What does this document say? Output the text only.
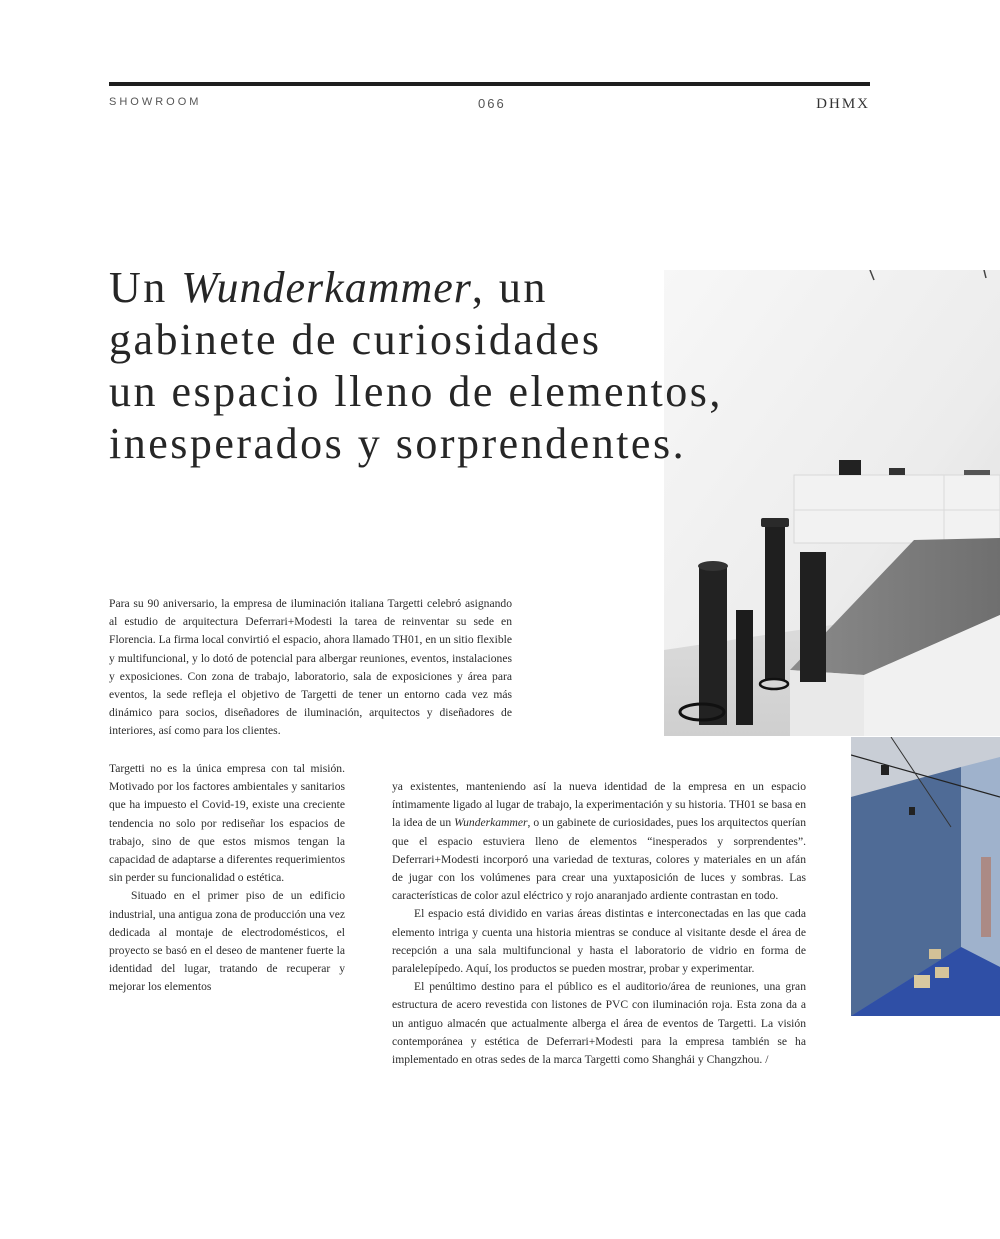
SHOWROOM	066	DHMX
Un Wunderkammer, un
gabinete de curiosidades
un espacio lleno de elementos,
inesperados y sorprendentes.

Para su 90 aniversario, la empresa de iluminación italiana Targetti celebró asignando al estudio de arquitectura Deferrari+Modesti la tarea de reinventar su sede en Florencia. La firma local convirtió el espacio, ahora llamado TH01, en un sitio flexible y multifuncional, y lo dotó de potencial para albergar reuniones, eventos, instalaciones y exposiciones. Con zona de trabajo, laboratorio, sala de exposiciones y área para eventos, la sede refleja el objetivo de Targetti de tener un entorno cada vez más dinámico para socios, diseñadores de iluminación, arquitectos y diseñadores de interiores, así como para los clientes.

Targetti no es la única empresa con tal misión. Motivado por los factores ambientales y sanitarios que ha impuesto el Covid-19, existe una creciente tendencia no solo por rediseñar los espacios de trabajo, sino de que estos mismos tengan la capacidad de adaptarse a diferentes requerimientos sin perder su funcionalidad o estética.

Situado en el primer piso de un edificio industrial, una antigua zona de producción una vez dedicada al montaje de electrodomésticos, el proyecto se basó en el deseo de mantener fuerte la identidad del lugar, tratando de recuperar y mejorar los elementos

ya existentes, manteniendo así la nueva identidad de la empresa en un espacio íntimamente ligado al lugar de trabajo, la experimentación y su historia. TH01 se basa en la idea de un Wunderkammer, o un gabinete de curiosidades, pues los arquitectos querían que el espacio estuviera lleno de elementos “inesperados y sorprendentes”. Deferrari+Modesti incorporó una variedad de texturas, colores y materiales en un afán de jugar con los volúmenes para crear una yuxtaposición de luces y sombras. Las características de color azul eléctrico y rojo anaranjado ardiente contrastan en todo.

El espacio está dividido en varias áreas distintas e interconectadas en las que cada elemento intriga y cuenta una historia mientras se conduce al visitante desde el área de recepción a una sala multifuncional y hasta el laboratorio de vidrio en forma de paralelepípedo. Aquí, los productos se pueden mostrar, probar y experimentar.

El penúltimo destino para el público es el auditorio/área de reuniones, una gran estructura de acero revestida con listones de PVC con iluminación roja. Esta zona da a un antiguo almacén que actualmente alberga el área de eventos de Targetti. La visión contemporánea y estética de Deferrari+Modesti para la empresa también se ha implementado en otras sedes de la marca Targetti como Shanghái y Changzhou. /
